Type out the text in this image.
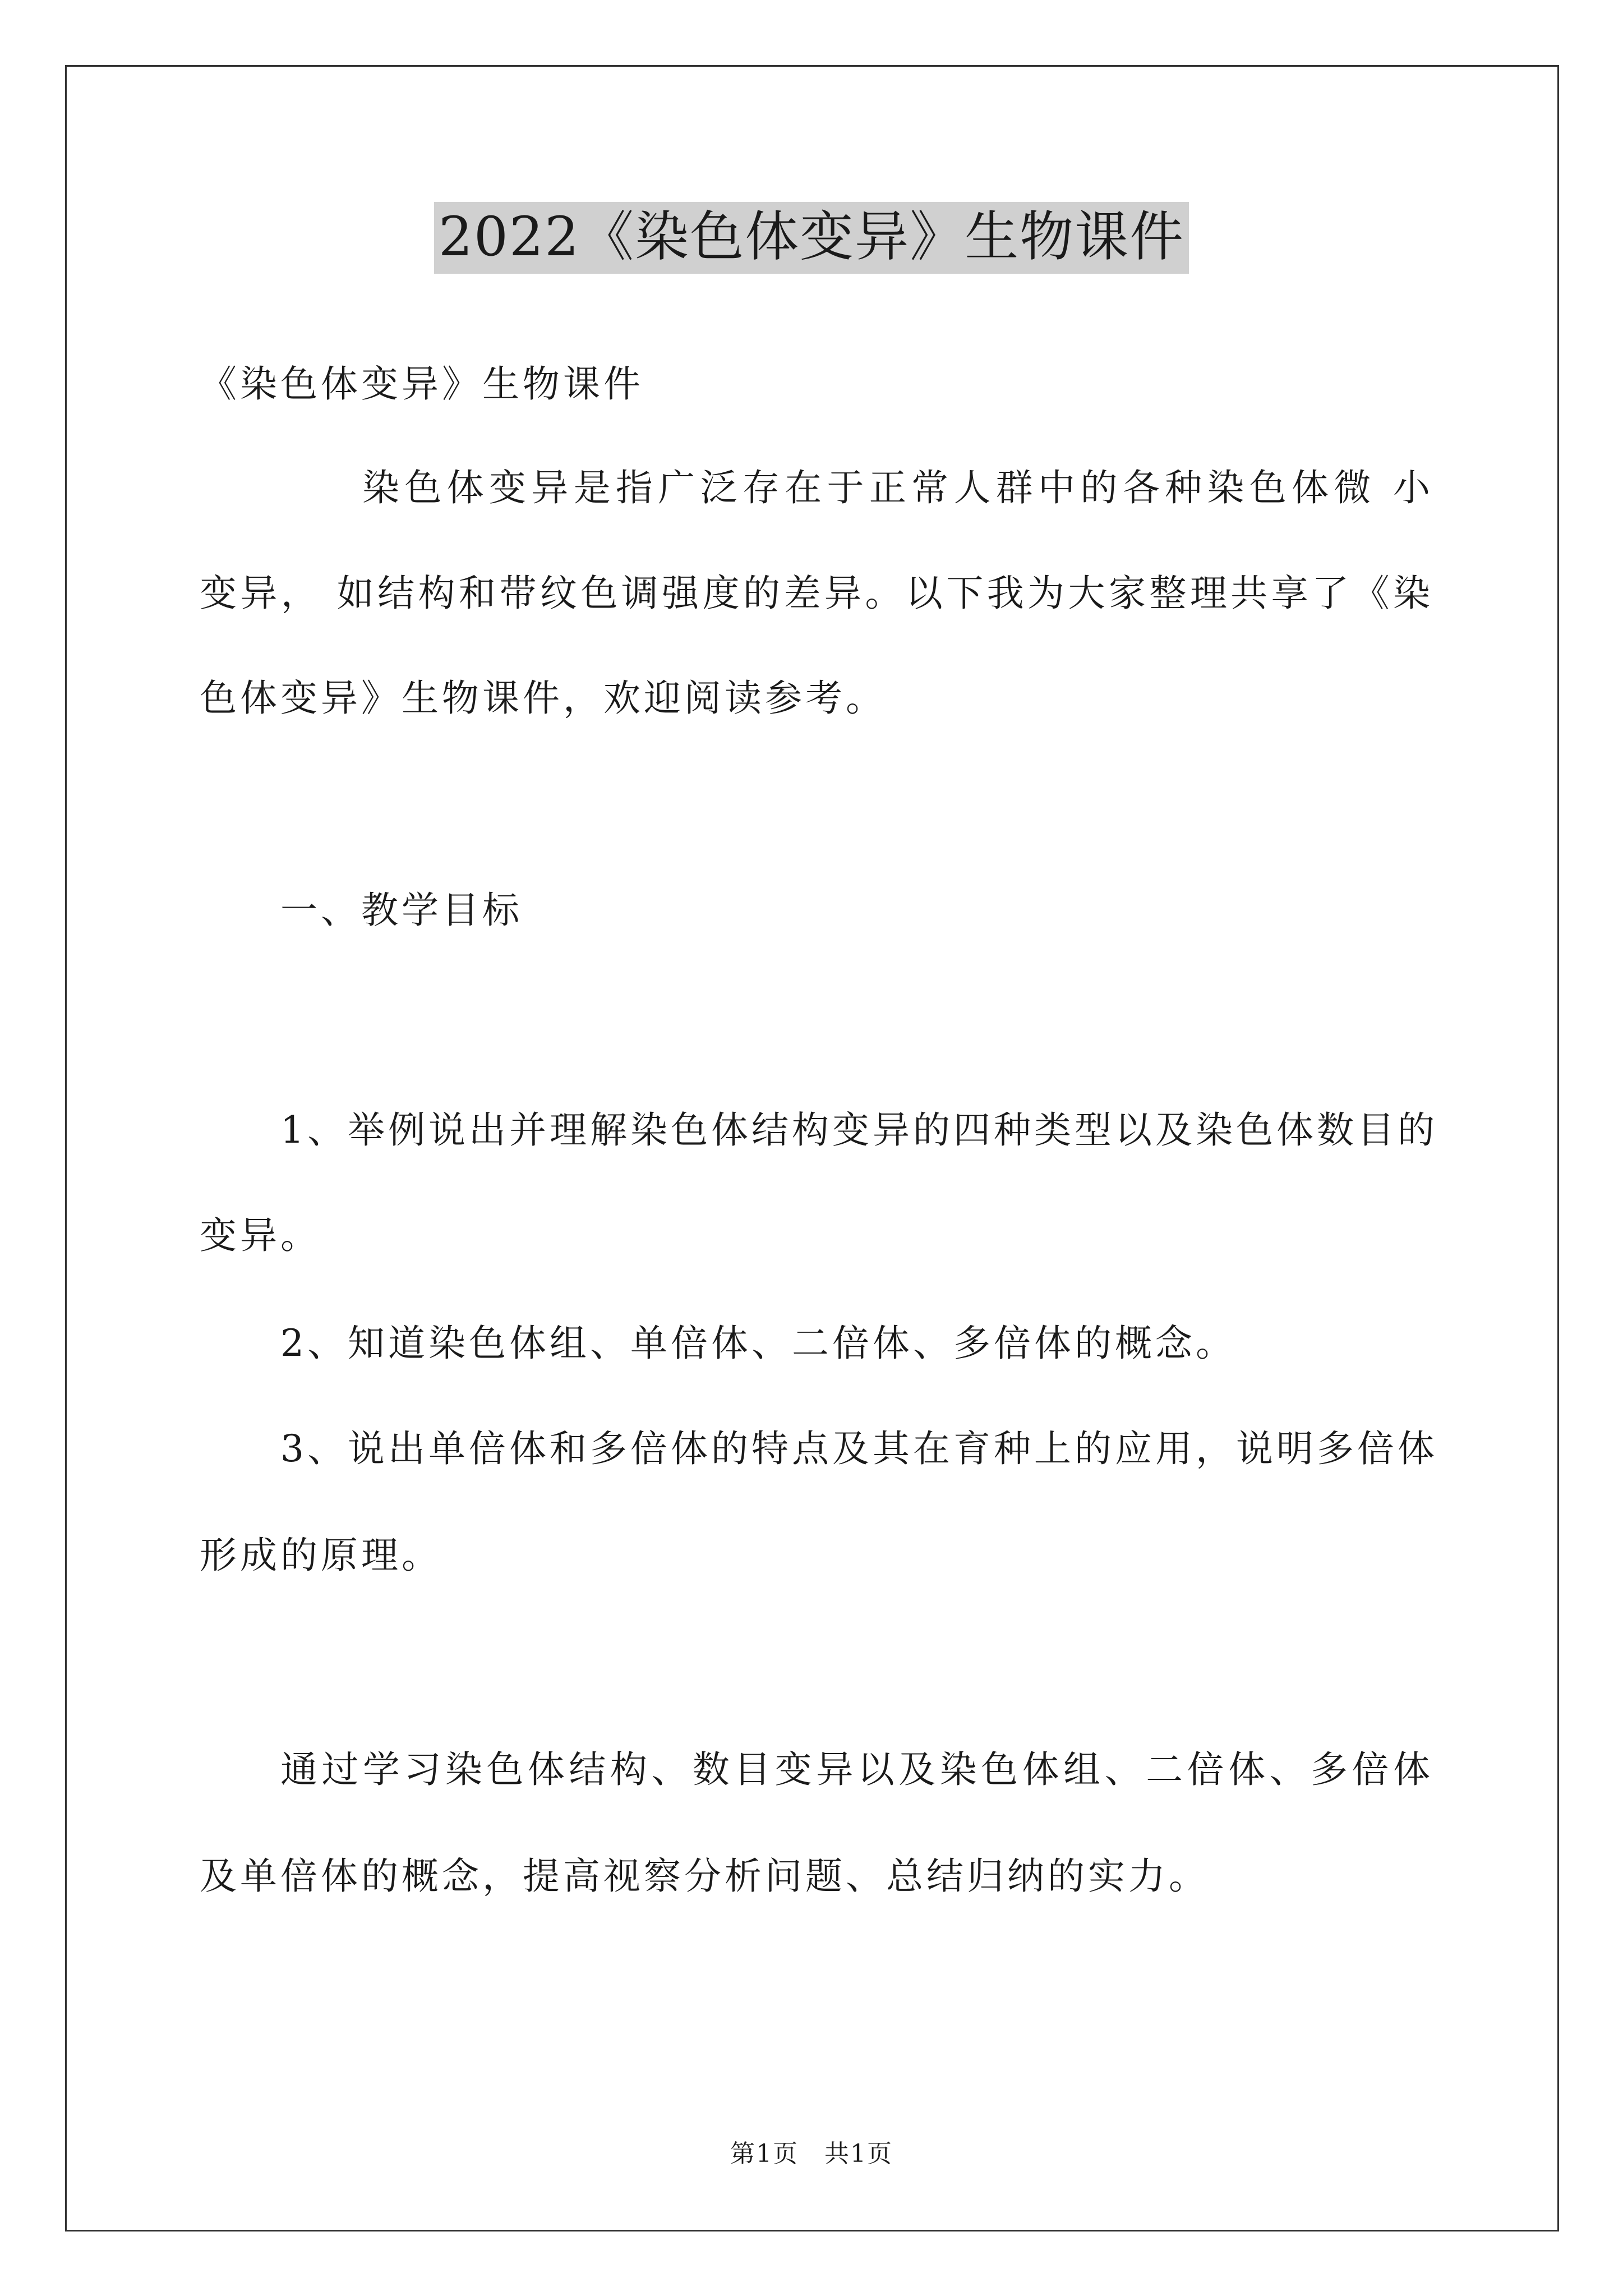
2022《染色体变异》生物课件
《染色体变异》生物课件
染色体变异是指广泛存在于正常人群中的各种染色体微 小
变异， 如结构和带纹色调强度的差异。以下我为大家整理共享了《染
色体变异》生物课件，欢迎阅读参考。
一、教学目标
1、举例说出并理解染色体结构变异的四种类型以及染色体数目的
变异。
2、知道染色体组、单倍体、二倍体、多倍体的概念。
3、说出单倍体和多倍体的特点及其在育种上的应用，说明多倍体
形成的原理。
通过学习染色体结构、数目变异以及染色体组、二倍体、多倍体
及单倍体的概念，提高视察分析问题、总结归纳的实力。
第1页　共1页
